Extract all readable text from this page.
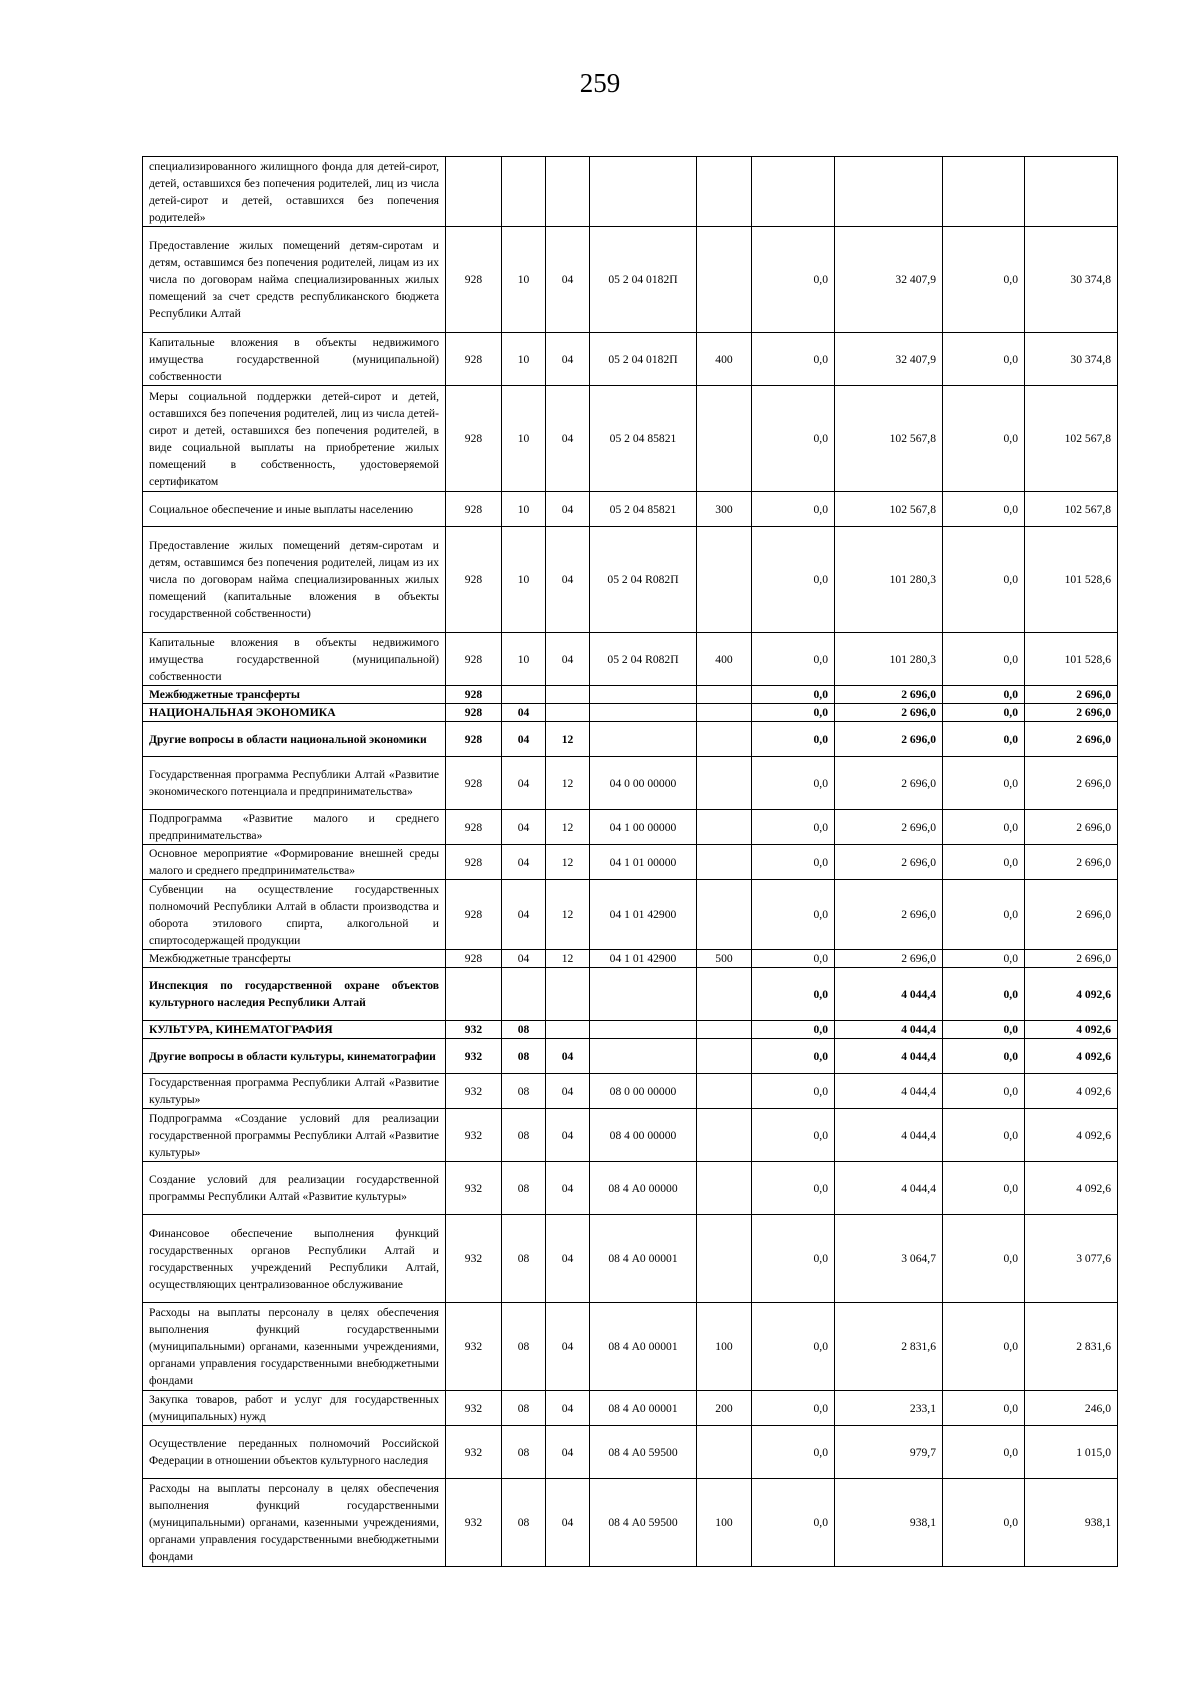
259
специализированного жилищного фонда для детей-сирот, детей, оставшихся без попечения родителей, лиц из числа детей-сирот и детей, оставшихся без попечения родителей»									
Предоставление жилых помещений детям-сиротам и детям, оставшимся без попечения родителей, лицам из их числа по договорам найма специализированных жилых помещений за счет средств республиканского бюджета Республики Алтай	928	10	04	05 2 04 0182П		0,0	32 407,9	0,0	30 374,8
Капитальные вложения в объекты недвижимого имущества государственной (муниципальной) собственности	928	10	04	05 2 04 0182П	400	0,0	32 407,9	0,0	30 374,8
Меры социальной поддержки детей-сирот и детей, оставшихся без попечения родителей, лиц из числа детей-сирот и детей, оставшихся без попечения родителей, в виде социальной выплаты на приобретение жилых помещений в собственность, удостоверяемой сертификатом	928	10	04	05 2 04 85821		0,0	102 567,8	0,0	102 567,8
Социальное обеспечение и иные выплаты населению	928	10	04	05 2 04 85821	300	0,0	102 567,8	0,0	102 567,8
Предоставление жилых помещений детям-сиротам и детям, оставшимся без попечения родителей, лицам из их числа по договорам найма специализированных жилых помещений (капитальные вложения в объекты государственной собственности)	928	10	04	05 2 04 R082П		0,0	101 280,3	0,0	101 528,6
Капитальные вложения в объекты недвижимого имущества государственной (муниципальной) собственности	928	10	04	05 2 04 R082П	400	0,0	101 280,3	0,0	101 528,6
Межбюджетные трансферты	928					0,0	2 696,0	0,0	2 696,0
НАЦИОНАЛЬНАЯ ЭКОНОМИКА	928	04				0,0	2 696,0	0,0	2 696,0
Другие вопросы в области национальной экономики	928	04	12			0,0	2 696,0	0,0	2 696,0
Государственная программа Республики Алтай «Развитие экономического потенциала и предпринимательства»	928	04	12	04 0 00 00000		0,0	2 696,0	0,0	2 696,0
Подпрограмма «Развитие малого и среднего предпринимательства»	928	04	12	04 1 00 00000		0,0	2 696,0	0,0	2 696,0
Основное мероприятие «Формирование внешней среды малого и среднего предпринимательства»	928	04	12	04 1 01 00000		0,0	2 696,0	0,0	2 696,0
Субвенции на осуществление государственных полномочий Республики Алтай в области производства и оборота этилового спирта, алкогольной и спиртосодержащей продукции	928	04	12	04 1 01 42900		0,0	2 696,0	0,0	2 696,0
Межбюджетные трансферты	928	04	12	04 1 01 42900	500	0,0	2 696,0	0,0	2 696,0
Инспекция по государственной охране объектов культурного наследия Республики Алтай						0,0	4 044,4	0,0	4 092,6
КУЛЬТУРА, КИНЕМАТОГРАФИЯ	932	08				0,0	4 044,4	0,0	4 092,6
Другие вопросы в области культуры, кинематографии	932	08	04			0,0	4 044,4	0,0	4 092,6
Государственная программа Республики Алтай «Развитие культуры»	932	08	04	08 0 00 00000		0,0	4 044,4	0,0	4 092,6
Подпрограмма «Создание условий для реализации государственной программы Республики Алтай «Развитие культуры»	932	08	04	08 4 00 00000		0,0	4 044,4	0,0	4 092,6
Создание условий для реализации государственной программы Республики Алтай «Развитие культуры»	932	08	04	08 4 А0 00000		0,0	4 044,4	0,0	4 092,6
Финансовое обеспечение выполнения функций государственных органов Республики Алтай и государственных учреждений Республики Алтай, осуществляющих централизованное обслуживание	932	08	04	08 4 А0 00001		0,0	3 064,7	0,0	3 077,6
Расходы на выплаты персоналу в целях обеспечения выполнения функций государственными (муниципальными) органами, казенными учреждениями, органами управления государственными внебюджетными фондами	932	08	04	08 4 А0 00001	100	0,0	2 831,6	0,0	2 831,6
Закупка товаров, работ и услуг для государственных (муниципальных) нужд	932	08	04	08 4 А0 00001	200	0,0	233,1	0,0	246,0
Осуществление переданных полномочий Российской Федерации в отношении объектов культурного наследия	932	08	04	08 4 А0 59500		0,0	979,7	0,0	1 015,0
Расходы на выплаты персоналу в целях обеспечения выполнения функций государственными (муниципальными) органами, казенными учреждениями, органами управления государственными внебюджетными фондами	932	08	04	08 4 А0 59500	100	0,0	938,1	0,0	938,1
